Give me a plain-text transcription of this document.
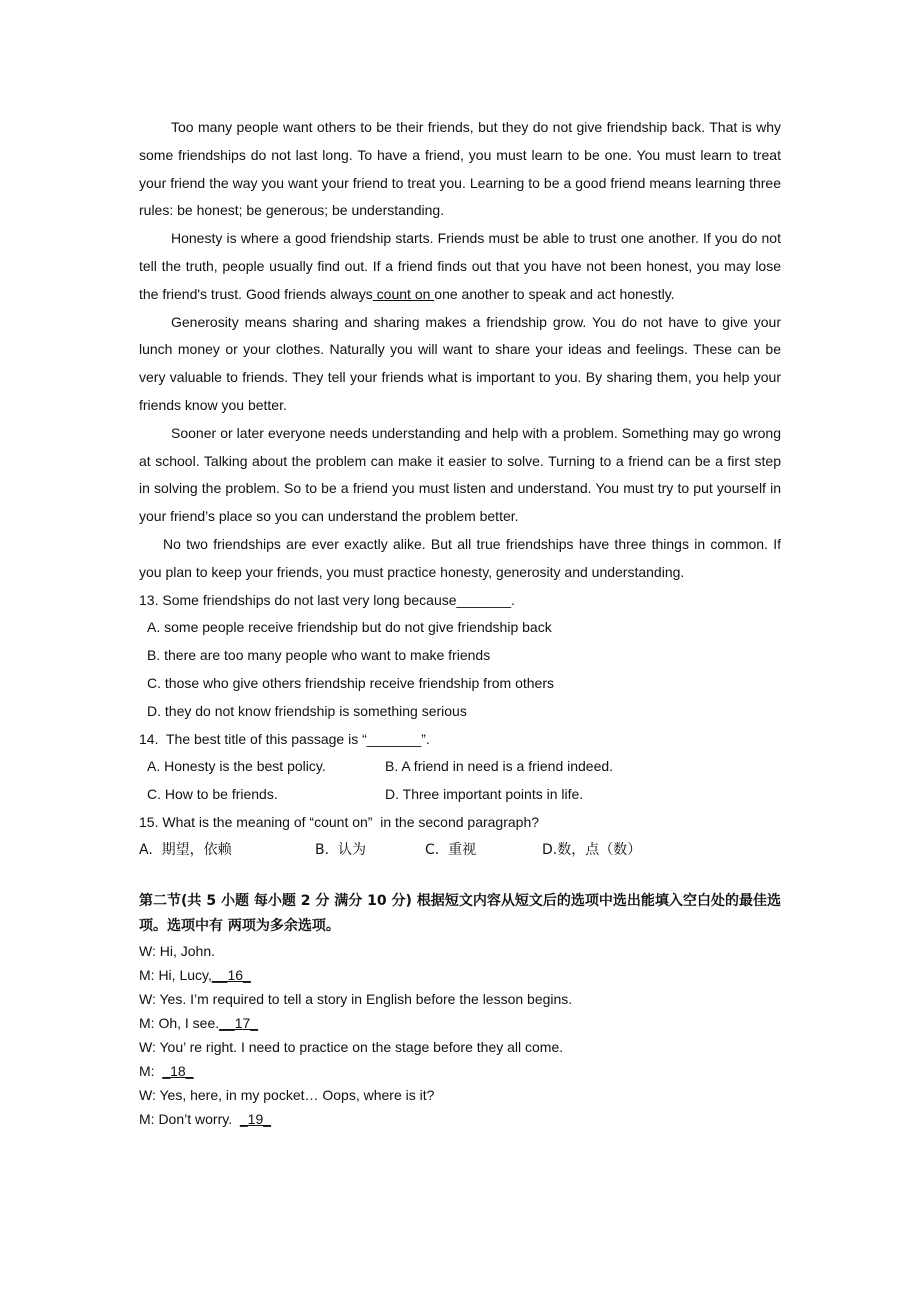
Too many people want others to be their friends, but they do not give friendship back. That is why some friendships do not last long. To have a friend, you must learn to be one. You must learn to treat your friend the way you want your friend to treat you. Learning to be a good friend means learning three rules: be honest; be generous; be understanding.

Honesty is where a good friendship starts. Friends must be able to trust one another. If you do not tell the truth, people usually find out. If a friend finds out that you have not been honest, you may lose the friend's trust. Good friends always count on one another to speak and act honestly.

Generosity means sharing and sharing makes a friendship grow. You do not have to give your lunch money or your clothes. Naturally you will want to share your ideas and feelings. These can be very valuable to friends. They tell your friends what is important to you. By sharing them, you help your friends know you better.

Sooner or later everyone needs understanding and help with a problem. Something may go wrong at school. Talking about the problem can make it easier to solve. Turning to a friend can be a first step in solving the problem. So to be a friend you must listen and understand. You must try to put yourself in your friend’s place so you can understand the problem better.

No two friendships are ever exactly alike. But all true friendships have three things in common. If you plan to keep your friends, you must practice honesty, generosity and understanding.

13. Some friendships do not last very long because_______.

A. some people receive friendship but do not give friendship back

B. there are too many people who want to make friends

C. those who give others friendship receive friendship from others

D. they do not know friendship is something serious

14.  The best title of this passage is “_______”.

A. Honesty is the best policy.	B. A friend in need is a friend indeed.

C. How to be friends.	D. Three important points in life.

15. What is the meaning of “count on”  in the second paragraph?

A.  期望，依赖	B.  认为	C.  重视	D.数，点（数）

第二节(共 5 小题 每小题 2 分 满分 10 分) 根据短文内容从短文后的选项中选出能填入空白处的最佳选项。选项中有 两项为多余选项。

W: Hi, John.

M: Hi, Lucy,__16_

W: Yes. I’m required to tell a story in English before the lesson begins.

M: Oh, I see.__17_

W: You’ re right. I need to practice on the stage before they all come.

M:  _18_

W: Yes, here, in my pocket… Oops, where is it?

M: Don’t worry.  _19_
